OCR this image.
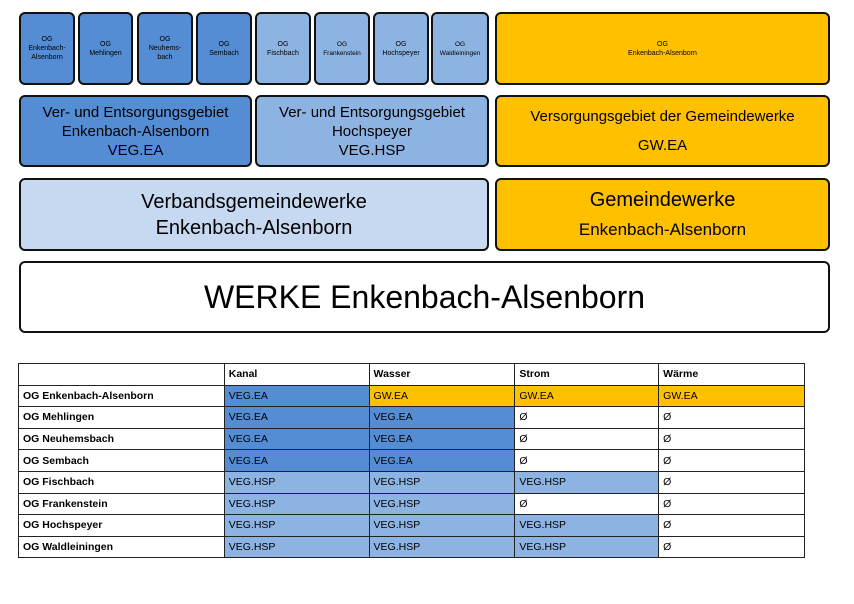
OG
Enkenbach-
Alsenborn
OG
Mehlingen
OG
Neuhems-
bach
OG
Sembach
OG
Fischbach
OG
Frankenstein
OG
Hochspeyer
OG
Waldleiningen
OG
Enkenbach-Alsenborn
Ver- und Entsorgungsgebiet
Enkenbach-Alsenborn
VEG.EA
Ver- und Entsorgungsgebiet
Hochspeyer
VEG.HSP
Versorgungsgebiet der Gemeindewerke
GW.EA
Verbandsgemeindewerke
Enkenbach-Alsenborn
Gemeindewerke
Enkenbach-Alsenborn
WERKE Enkenbach-Alsenborn
	Kanal	Wasser	Strom	Wärme
OG Enkenbach-Alsenborn	VEG.EA	GW.EA	GW.EA	GW.EA
OG Mehlingen	VEG.EA	VEG.EA	Ø	Ø
OG Neuhemsbach	VEG.EA	VEG.EA	Ø	Ø
OG Sembach	VEG.EA	VEG.EA	Ø	Ø
OG Fischbach	VEG.HSP	VEG.HSP	VEG.HSP	Ø
OG Frankenstein	VEG.HSP	VEG.HSP	Ø	Ø
OG Hochspeyer	VEG.HSP	VEG.HSP	VEG.HSP	Ø
OG Waldleiningen	VEG.HSP	VEG.HSP	VEG.HSP	Ø
